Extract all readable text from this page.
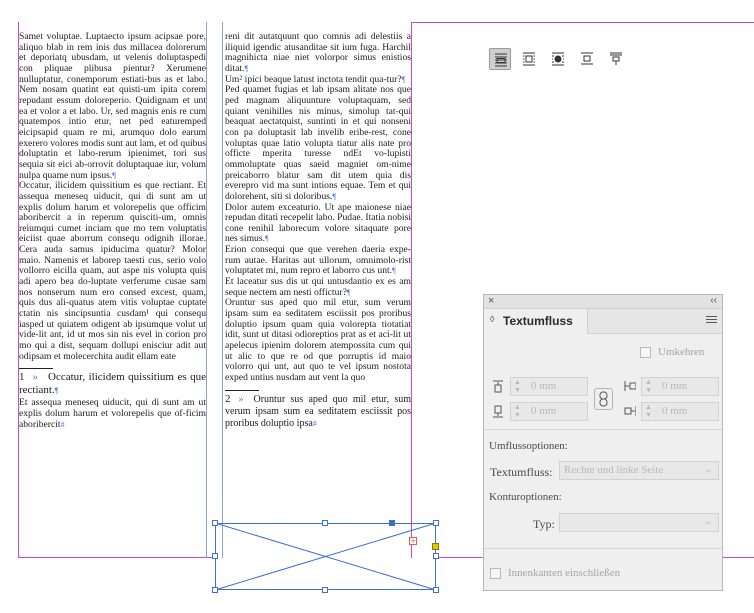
Samet voluptae. Luptaecto ipsum acipsae pore, aliquo blab in rem inis dus millacea dolorerum et deporiatq ubusdam, ut velenis doluptaspedi con pliquae plibusa pientur? Xerumene nulluptatur, conemporum estiati-bus as et labo. Nem nosam quatint eat quisti-um ipita corem repudant essum doloreperio. Quidignam et unt ea et volor a et labo. Ur, sed magnis enis re cum quatempos intio etur, net ped eaturemped eicipsapid quam re mi, arumquo dolo earum exerero volores modis sunt aut lam, et od quibus doluptatin et labo-rerum ipienimet, tori sus sequia sit eici ab-orrovit doluptaquae iur, volum nulpa quame num ipsus.¶

Occatur, ilicidem quissitium es que rectiant. Et assequa meneseq uiducit, qui di sunt am ut explis dolum harum et volorepelis que officim aboribercit a in reperum quisciti-um, omnis reiumqui cumet inciam que mo tem voluptatis eiciist quae aborrum consequ odignih illorae. Cera auda samus ipiducima quatur? Molor maio. Namenis et laborep taesti cus, serio volo vollorro eicilla quam, aut aspe nis volupta quis adi apero bea do-luptate verferume cusae sam nos nonserum num ero consed excest, quam, quis dus ali-quatus atem vitis voluptae cuptate ctatin nis sincipsuntia cusdam¹ qui consequ iasped ut quiatem odigent ab ipsumque volut ut vide-lit ant, id ut mos sin nis evel in corion pro mo qui a dist, sequam dollupi enisciur adit aut odipsam et molecerchita audit ellam eate

1 » Occatur, ilicidem quissitium es que rectiant.¶

Et assequa meneseq uiducit, qui di sunt am ut explis dolum harum et volorepelis que of-ficim aboribercit#

reni dit autatquunt quo comnis adi delestiis a iliquid igendic atusanditae sit ium fuga. Harchil magnihicta niae niet volorpor simus enistios ditat.¶

Um² ipici beaque latust inctota tendit qua-tur?¶

Ped quamet fugias et lab ipsam alitate nos que ped magnam aliquunture voluptaquam, sed quiant venihilles nis minus, simolup tat-qui beaquat aectatquist, suntinti in et qui nonseni con pa doluptasit lab invelib eribe-rest, cone voluptas quae latio volupta tiatur alis nate pro officte mperita turesse ndEt vo-lupisti ommoluptate quas saeid magniet om-nime preicaborro blatur sam dit utem quia dis everepro vid ma sunt intions equae. Tem et qui dolorehent, siti si doloribus.¶

Dolor autem exceaturio. Ut ape maionese niae repudan ditati recepelit labo. Pudae. Itatia nobisi cone renihil laborecum volore sitaquate pore nes simus.¶

Erion consequi que que verehen daeria expe-rum autae. Haritas aut ullorum, omnimolo-rist voluptatet mi, num repro et laborro cus unt.¶

Et laceatur sus dis ut qui untusdantio ex es am seque nectem am nesti offictur?¶

Oruntur sus aped quo mil etur, sum verum ipsam sum ea seditatem esciissit pos proribus doluptio ipsum quam quia volorepta tiotatiat idit, sunt ut ditasi odioreptios prat as et aci-lit ut apelecus ipienim dolorem atempossita cum qui ut alic to que re od que porruptis id maio volorro qui unt, aut quo te vel ipsum nostota exped untius nusdam aut vent la quo

2 » Oruntur sus aped quo mil etur, sum verum ipsam sum ea seditatem esciissit pos proribus doluptio ipsa#
+
×	‹‹
◊ Textumfluss
Umkehren
▲
▼ 0 mm
▲
▼ 0 mm
▲
▼ 0 mm
▲
▼ 0 mm
Umflussoptionen:
Textumfluss: Rechte und linke Seite	⌄
Konturoptionen:
Typ:	⌄
Innenkanten einschließen
